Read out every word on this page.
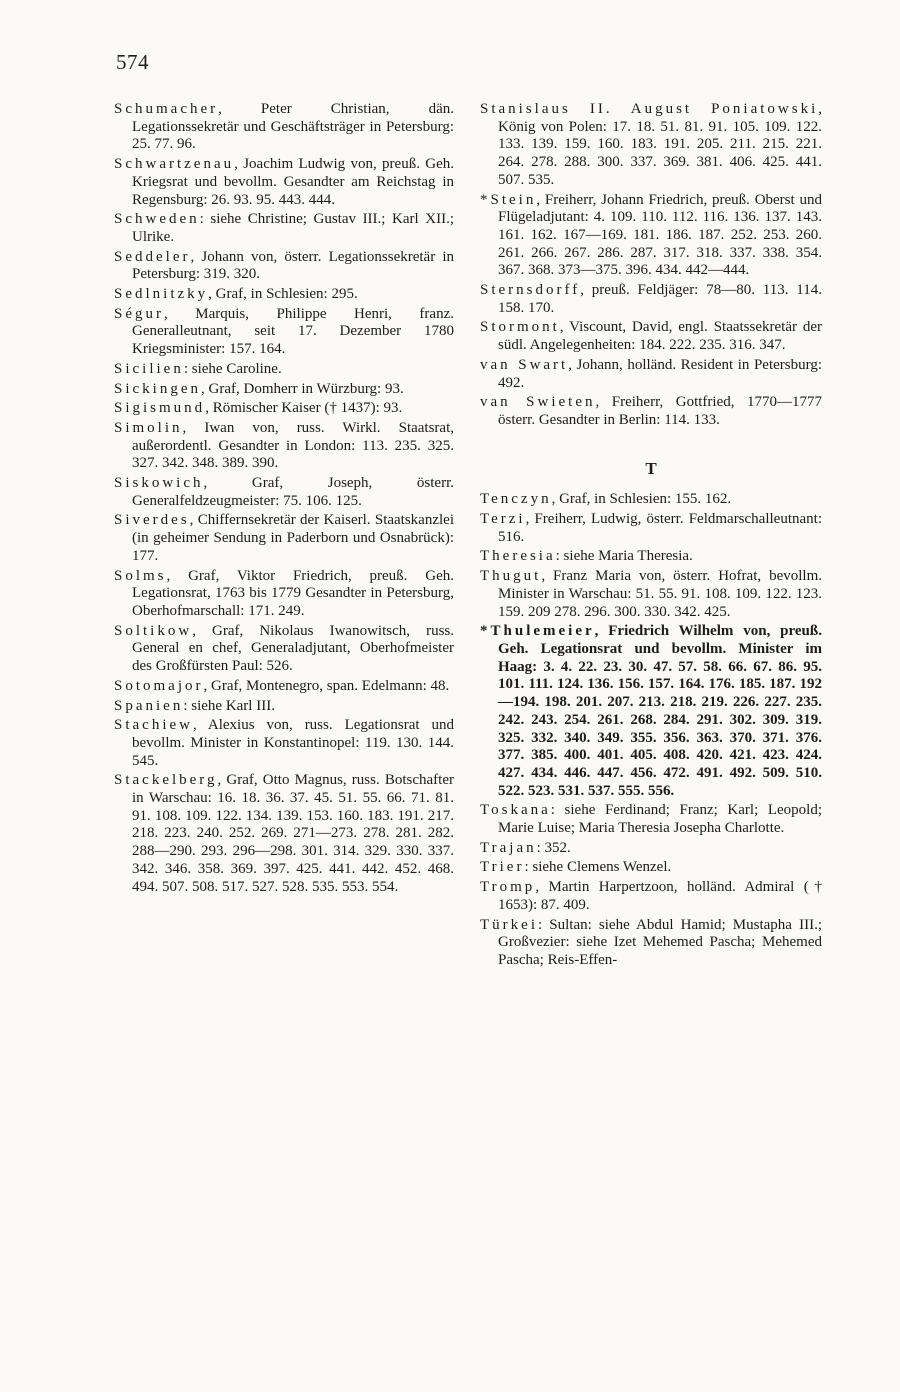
574
Schumacher, Peter Christian, dän. Legationssekretär und Geschäftsträger in Petersburg: 25. 77. 96.
Schwartzenau, Joachim Ludwig von, preuß. Geh. Kriegsrat und bevollm. Gesandter am Reichstag in Regensburg: 26. 93. 95. 443. 444.
Schweden: siehe Christine; Gustav III.; Karl XII.; Ulrike.
Seddeler, Johann von, österr. Legationssekretär in Petersburg: 319. 320.
Sedlnitzky, Graf, in Schlesien: 295.
Ségur, Marquis, Philippe Henri, franz. Generalleutnant, seit 17. Dezember 1780 Kriegsminister: 157. 164.
Sicilien: siehe Caroline.
Sickingen, Graf, Domherr in Würzburg: 93.
Sigismund, Römischer Kaiser († 1437): 93.
Simolin, Iwan von, russ. Wirkl. Staatsrat, außerordentl. Gesandter in London: 113. 235. 325. 327. 342. 348. 389. 390.
Siskowich, Graf, Joseph, österr. Generalfeldzeugmeister: 75. 106. 125.
Siverdes, Chiffernsekretär der Kaiserl. Staatskanzlei (in geheimer Sendung in Paderborn und Osnabrück): 177.
Solms, Graf, Viktor Friedrich, preuß. Geh. Legationsrat, 1763 bis 1779 Gesandter in Petersburg, Oberhofmarschall: 171. 249.
Soltikow, Graf, Nikolaus Iwanowitsch, russ. General en chef, Generaladjutant, Oberhofmeister des Großfürsten Paul: 526.
Sotomajor, Graf, Montenegro, span. Edelmann: 48.
Spanien: siehe Karl III.
Stachiew, Alexius von, russ. Legationsrat und bevollm. Minister in Konstantinopel: 119. 130. 144. 545.
Stackelberg, Graf, Otto Magnus, russ. Botschafter in Warschau: 16. 18. 36. 37. 45. 51. 55. 66. 71. 81. 91. 108. 109. 122. 134. 139. 153. 160. 183. 191. 217. 218. 223. 240. 252. 269. 271—273. 278. 281. 282. 288—290. 293. 296—298. 301. 314. 329. 330. 337. 342. 346. 358. 369. 397. 425. 441. 442. 452. 468. 494. 507. 508. 517. 527. 528. 535. 553. 554.
Stanislaus II. August Poniatowski, König von Polen: 17. 18. 51. 81. 91. 105. 109. 122. 133. 139. 159. 160. 183. 191. 205. 211. 215. 221. 264. 278. 288. 300. 337. 369. 381. 406. 425. 441. 507. 535.
*Stein, Freiherr, Johann Friedrich, preuß. Oberst und Flügeladjutant: 4. 109. 110. 112. 116. 136. 137. 143. 161. 162. 167—169. 181. 186. 187. 252. 253. 260. 261. 266. 267. 286. 287. 317. 318. 337. 338. 354. 367. 368. 373—375. 396. 434. 442—444.
Sternsdorff, preuß. Feldjäger: 78—80. 113. 114. 158. 170.
Stormont, Viscount, David, engl. Staatssekretär der südl. Angelegenheiten: 184. 222. 235. 316. 347.
van Swart, Johann, holländ. Resident in Petersburg: 492.
van Swieten, Freiherr, Gottfried, 1770—1777 österr. Gesandter in Berlin: 114. 133.
T
Tenczyn, Graf, in Schlesien: 155. 162.
Terzi, Freiherr, Ludwig, österr. Feldmarschalleutnant: 516.
Theresia: siehe Maria Theresia.
Thugut, Franz Maria von, österr. Hofrat, bevollm. Minister in Warschau: 51. 55. 91. 108. 109. 122. 123. 159. 209 278. 296. 300. 330. 342. 425.
*Thulemeier, Friedrich Wilhelm von, preuß. Geh. Legationsrat und bevollm. Minister im Haag: 3. 4. 22. 23. 30. 47. 57. 58. 66. 67. 86. 95. 101. 111. 124. 136. 156. 157. 164. 176. 185. 187. 192—194. 198. 201. 207. 213. 218. 219. 226. 227. 235. 242. 243. 254. 261. 268. 284. 291. 302. 309. 319. 325. 332. 340. 349. 355. 356. 363. 370. 371. 376. 377. 385. 400. 401. 405. 408. 420. 421. 423. 424. 427. 434. 446. 447. 456. 472. 491. 492. 509. 510. 522. 523. 531. 537. 555. 556.
Toskana: siehe Ferdinand; Franz; Karl; Leopold; Marie Luise; Maria Theresia Josepha Charlotte.
Trajan: 352.
Trier: siehe Clemens Wenzel.
Tromp, Martin Harpertzoon, holländ. Admiral († 1653): 87. 409.
Türkei: Sultan: siehe Abdul Hamid; Mustapha III.; Großvezier: siehe Izet Mehemed Pascha; Mehemed Pascha; Reis-Effen-
